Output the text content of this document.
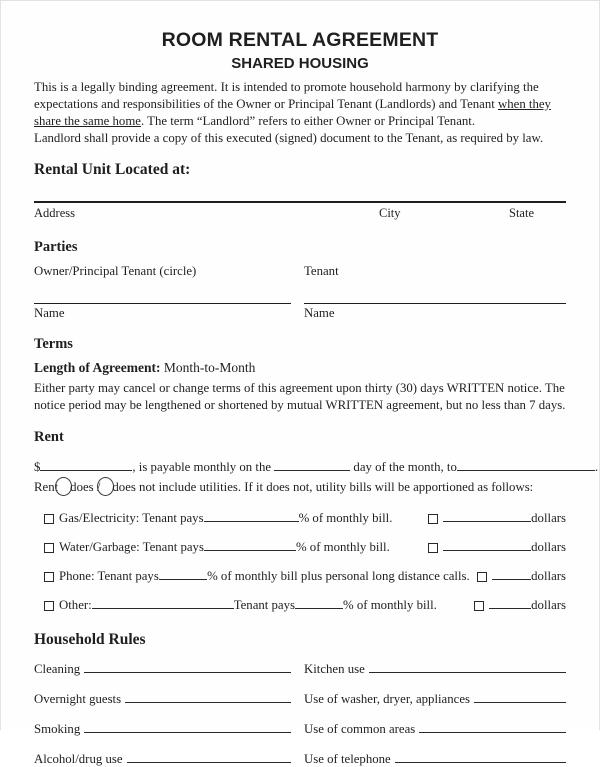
ROOM RENTAL AGREEMENT
SHARED HOUSING

This is a legally binding agreement. It is intended to promote household harmony by clarifying the expectations and responsibilities of the Owner or Principal Tenant (Landlords) and Tenant when they share the same home. The term “Landlord” refers to either Owner or Principal Tenant.

Landlord shall provide a copy of this executed (signed) document to the Tenant, as required by law.

Rental Unit Located at:
Address	City	State
Parties
Owner/Principal Tenant (circle)	Tenant
Name	Name
Terms

Length of Agreement: Month-to-Month

Either party may cancel or change terms of this agreement upon thirty (30) days WRITTEN notice. The notice period may be lengthened or shortened by mutual WRITTEN agreement, but no less than 7 days.

Rent
$	, is payable monthly on the	day of the month, to	.
Rent does / does not include utilities. If it does not, utility bills will be apportioned as follows:
Gas/Electricity: Tenant pays	% of monthly bill.	dollars
Water/Garbage: Tenant pays	% of monthly bill.	dollars
Phone: Tenant pays	% of monthly bill plus personal long distance calls.	dollars
Other:	Tenant pays	% of monthly bill.	dollars
Household Rules
Cleaning	Kitchen use
Overnight guests	Use of washer, dryer, appliances
Smoking	Use of common areas
Alcohol/drug use	Use of telephone
